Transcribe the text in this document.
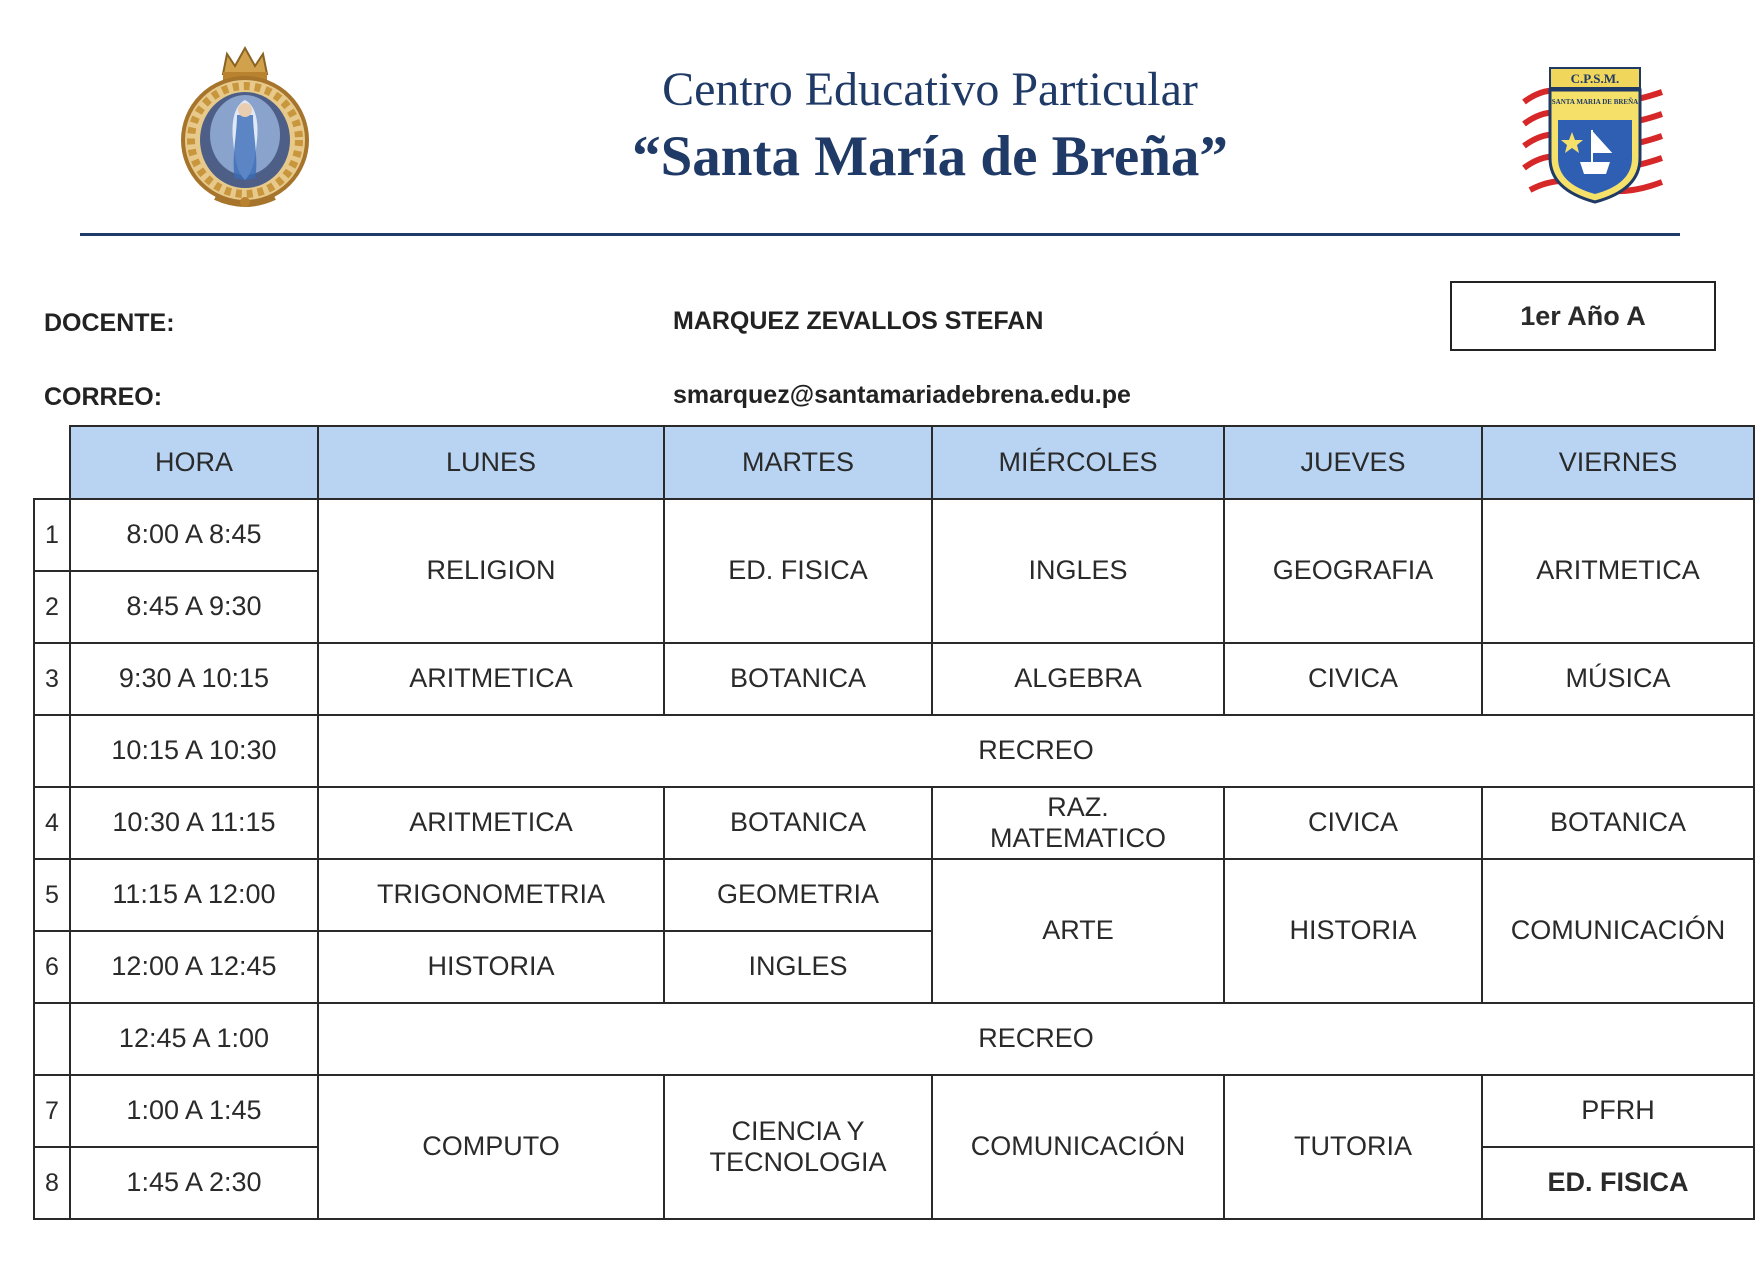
C.P.S.M.
SANTA MARIA DE BREÑA
Centro Educativo Particular
“Santa María de Breña”
DOCENTE:	MARQUEZ ZEVALLOS STEFAN	1er Año A
CORREO:	smarquez@santamariadebrena.edu.pe
	HORA	LUNES	MARTES	MIÉRCOLES	JUEVES	VIERNES
1	8:00 A 8:45	RELIGION	ED. FISICA	INGLES	GEOGRAFIA	ARITMETICA
2	8:45 A 9:30					
3	9:30 A 10:15	ARITMETICA	BOTANICA	ALGEBRA	CIVICA	MÚSICA
	10:15 A 10:30	RECREO				
4	10:30 A 11:15	ARITMETICA	BOTANICA	RAZ.
MATEMATICO	CIVICA	BOTANICA
5	11:15 A 12:00	TRIGONOMETRIA	GEOMETRIA	ARTE	HISTORIA	COMUNICACIÓN
6	12:00 A 12:45	HISTORIA	INGLES			
	12:45 A 1:00	RECREO				
7	1:00 A 1:45	COMPUTO	CIENCIA Y
TECNOLOGIA	COMUNICACIÓN	TUTORIA	PFRH
8	1:45 A 2:30					ED. FISICA
